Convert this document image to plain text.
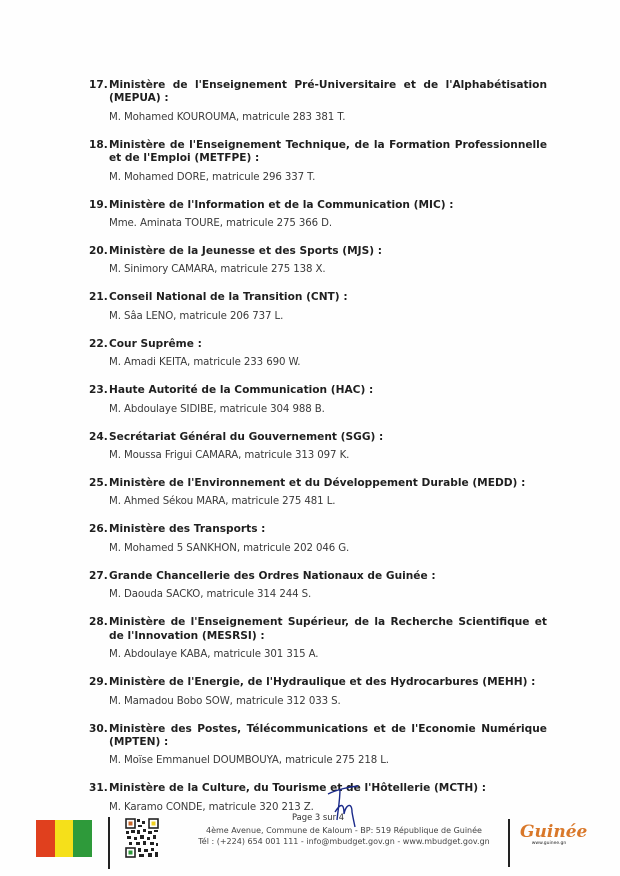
17.Ministère de l'Enseignement Pré-Universitaire et de l'Alphabétisation (MEPUA) :
M. Mohamed KOUROUMA, matricule 283 381 T.
18.Ministère de l'Enseignement Technique, de la Formation Professionnelle et de l'Emploi (METFPE) :
M. Mohamed DORE, matricule 296 337 T.
19.Ministère de l'Information et de la Communication (MIC) :
Mme. Aminata TOURE, matricule 275 366 D.
20.Ministère de la Jeunesse et des Sports (MJS) :
M. Sinimory CAMARA, matricule 275 138 X.
21.Conseil National de la Transition (CNT) :
M. Sâa LENO, matricule 206 737 L.
22.Cour Suprême :
M. Amadi KEITA, matricule 233 690 W.
23.Haute Autorité de la Communication (HAC) :
M. Abdoulaye SIDIBE, matricule 304 988 B.
24.Secrétariat Général du Gouvernement (SGG) :
M. Moussa Frigui CAMARA, matricule 313 097 K.
25.Ministère de l'Environnement et du Développement Durable (MEDD) :
M. Ahmed Sékou MARA, matricule 275 481 L.
26.Ministère des Transports :
M. Mohamed 5 SANKHON, matricule 202 046 G.
27.Grande Chancellerie des Ordres Nationaux de Guinée :
M. Daouda SACKO, matricule 314 244 S.
28.Ministère de l'Enseignement Supérieur, de la Recherche Scientifique et de l'Innovation (MESRSI) :
M. Abdoulaye KABA, matricule 301 315 A.
29.Ministère de l'Energie, de l'Hydraulique et des Hydrocarbures (MEHH) :
M. Mamadou Bobo SOW, matricule 312 033 S.
30.Ministère des Postes, Télécommunications et de l'Economie Numérique (MPTEN) :
M. Moïse Emmanuel DOUMBOUYA, matricule 275 218 L.
31.Ministère de la Culture, du Tourisme et de l'Hôtellerie (MCTH) :
M. Karamo CONDE, matricule 320 213 Z.
Page 3 sur 4
4ème Avenue, Commune de Kaloum - BP: 519 République de Guinée
Tél : (+224) 654 001 111 - info@mbudget.gov.gn - www.mbudget.gov.gn Guinée
www.guinee.gn
